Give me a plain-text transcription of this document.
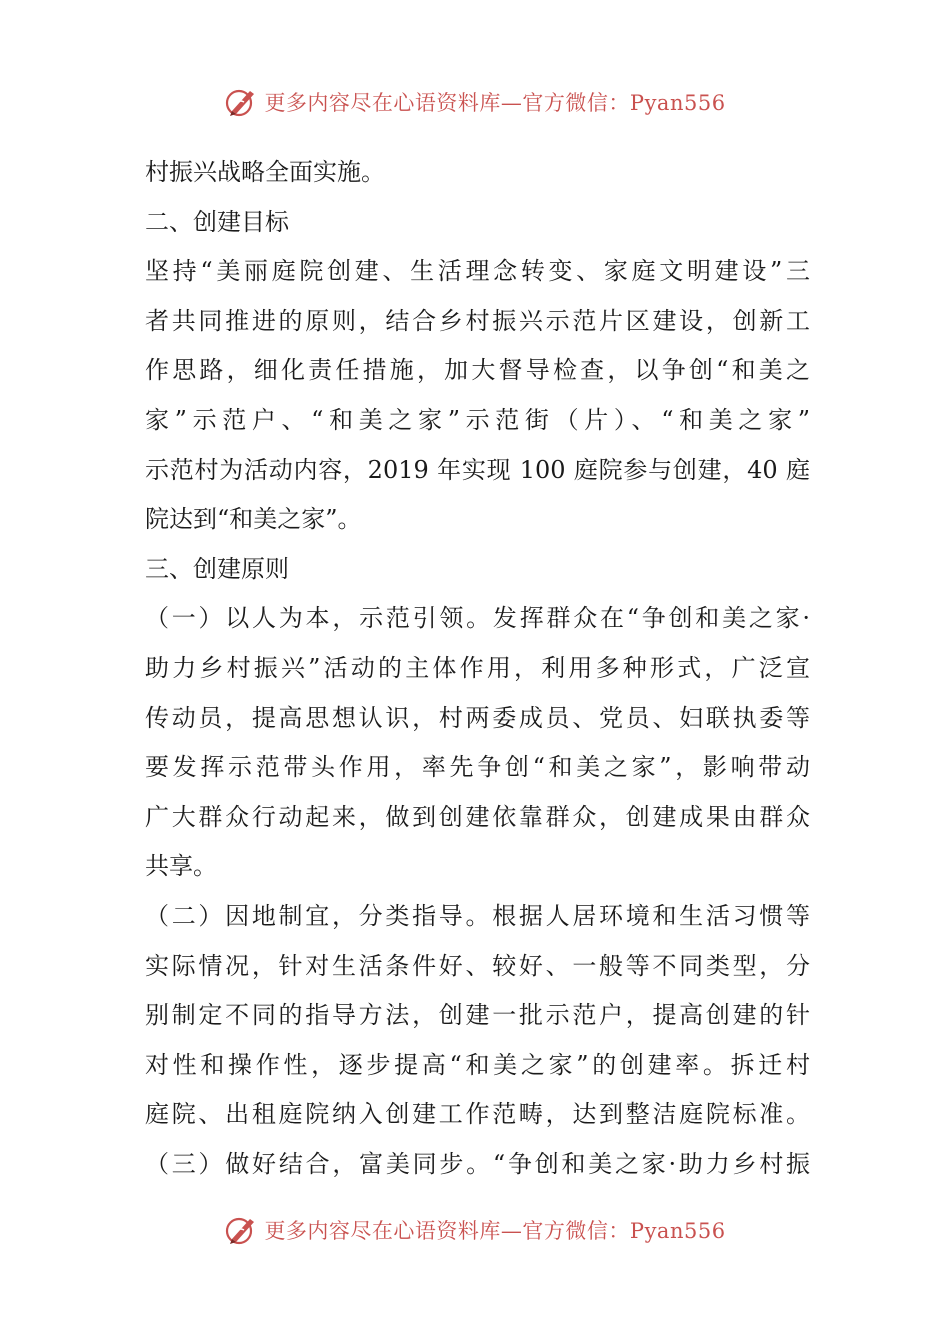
更多内容尽在心语资料库—官方微信：Pyan556
村振兴战略全面实施。
二、创建目标
坚持“美丽庭院创建、生活理念转变、家庭文明建设”三
者共同推进的原则，结合乡村振兴示范片区建设，创新工
作思路，细化责任措施，加大督导检查，以争创“和美之
家”示范户、“和美之家”示范街（片）、“和美之家”
示范村为活动内容，2019 年实现 100 庭院参与创建，40 庭
院达到“和美之家”。
三、创建原则
（一）以人为本，示范引领。发挥群众在“争创和美之家·
助力乡村振兴”活动的主体作用，利用多种形式，广泛宣
传动员，提高思想认识，村两委成员、党员、妇联执委等
要发挥示范带头作用，率先争创“和美之家”，影响带动
广大群众行动起来，做到创建依靠群众，创建成果由群众
共享。
（二）因地制宜，分类指导。根据人居环境和生活习惯等
实际情况，针对生活条件好、较好、一般等不同类型，分
别制定不同的指导方法，创建一批示范户，提高创建的针
对性和操作性，逐步提高“和美之家”的创建率。拆迁村
庭院、出租庭院纳入创建工作范畴，达到整洁庭院标准。
（三）做好结合，富美同步。“争创和美之家·助力乡村振
更多内容尽在心语资料库—官方微信：Pyan556
